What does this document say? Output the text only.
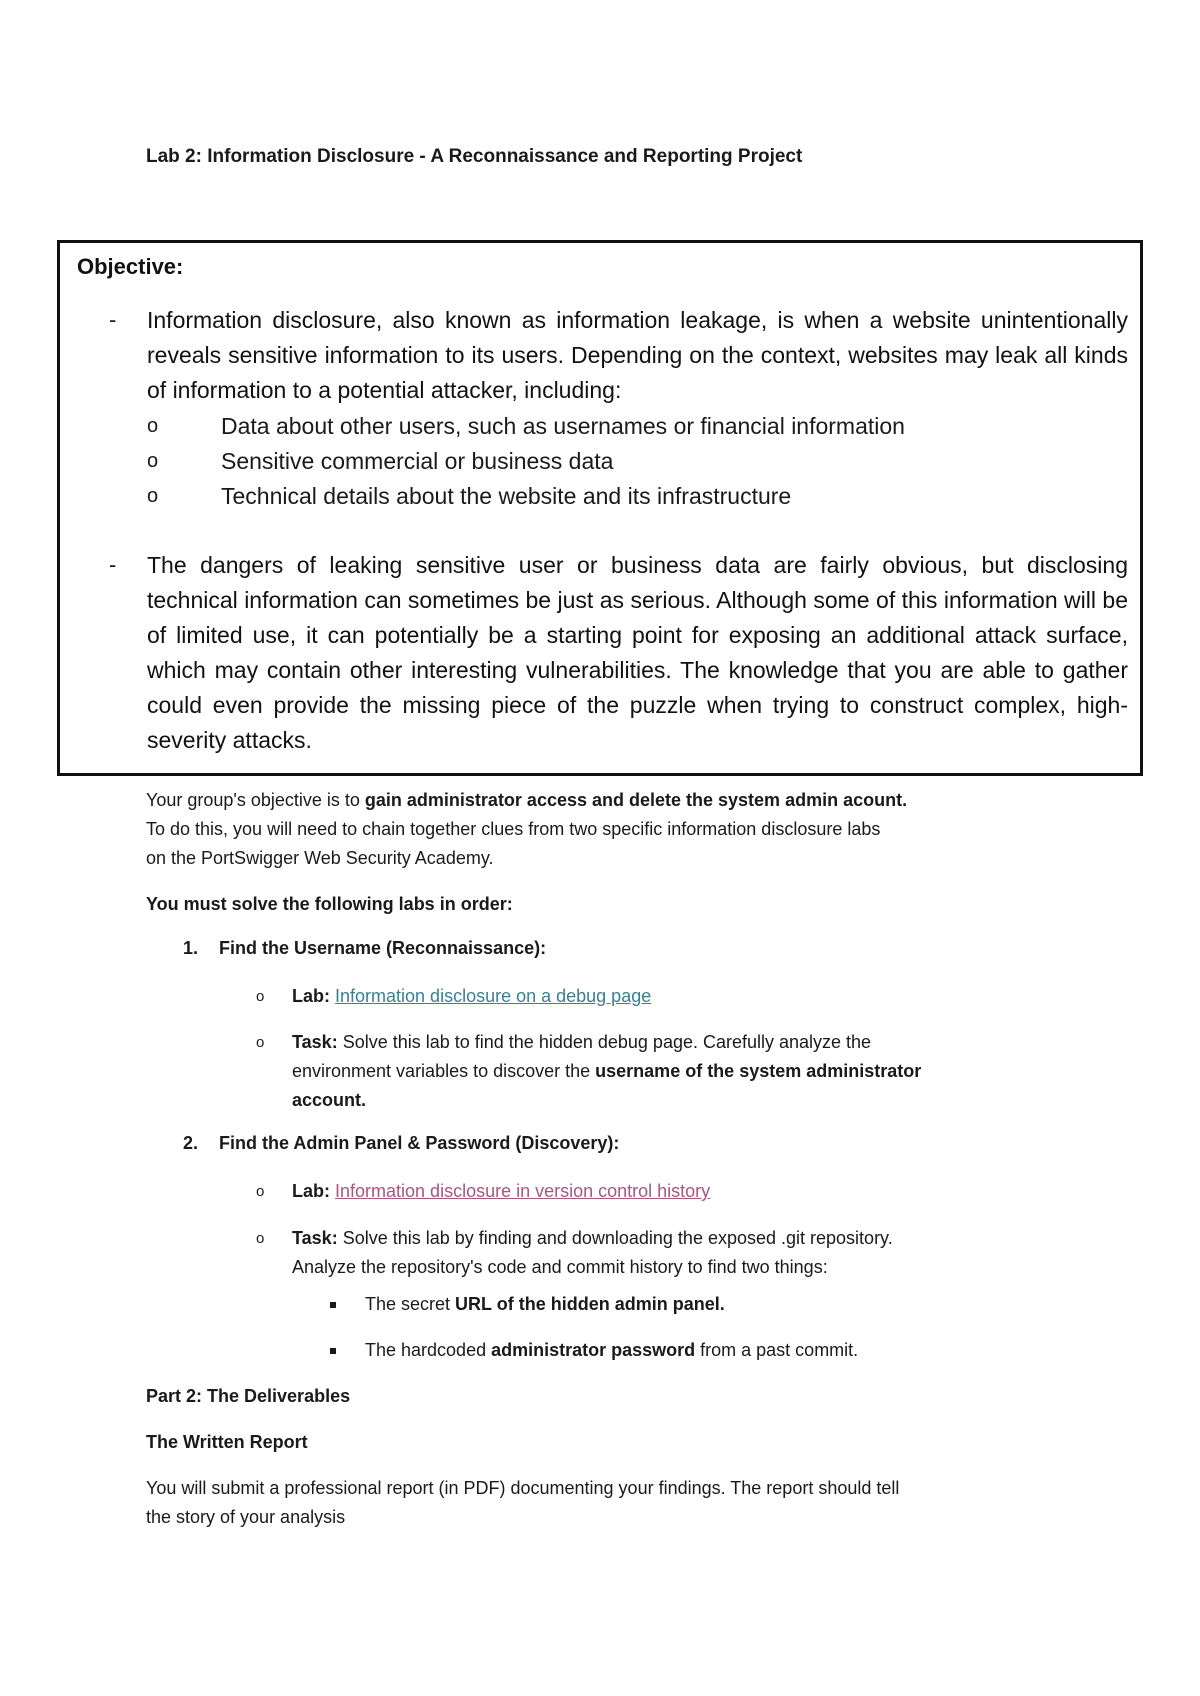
Lab 2: Information Disclosure - A Reconnaissance and Reporting Project
Objective:
- Information disclosure, also known as information leakage, is when a website unintentionally reveals sensitive information to its users. Depending on the context, websites may leak all kinds of information to a potential attacker, including:
o	Data about other users, such as usernames or financial information
o	Sensitive commercial or business data
o	Technical details about the website and its infrastructure
- The dangers of leaking sensitive user or business data are fairly obvious, but disclosing technical information can sometimes be just as serious. Although some of this information will be of limited use, it can potentially be a starting point for exposing an additional attack surface, which may contain other interesting vulnerabilities. The knowledge that you are able to gather could even provide the missing piece of the puzzle when trying to construct complex, high-severity attacks.
Your group's objective is to gain administrator access and delete the system admin acount.
To do this, you will need to chain together clues from two specific information disclosure labs
on the PortSwigger Web Security Academy.
You must solve the following labs in order:
1. Find the Username (Reconnaissance):
o Lab: Information disclosure on a debug page
o Task: Solve this lab to find the hidden debug page. Carefully analyze the
environment variables to discover the username of the system administrator
account.
2. Find the Admin Panel & Password (Discovery):
o Lab: Information disclosure in version control history
o Task: Solve this lab by finding and downloading the exposed .git repository.
Analyze the repository's code and commit history to find two things:
The secret URL of the hidden admin panel.
The hardcoded administrator password from a past commit.
Part 2: The Deliverables
The Written Report
You will submit a professional report (in PDF) documenting your findings. The report should tell
the story of your analysis
